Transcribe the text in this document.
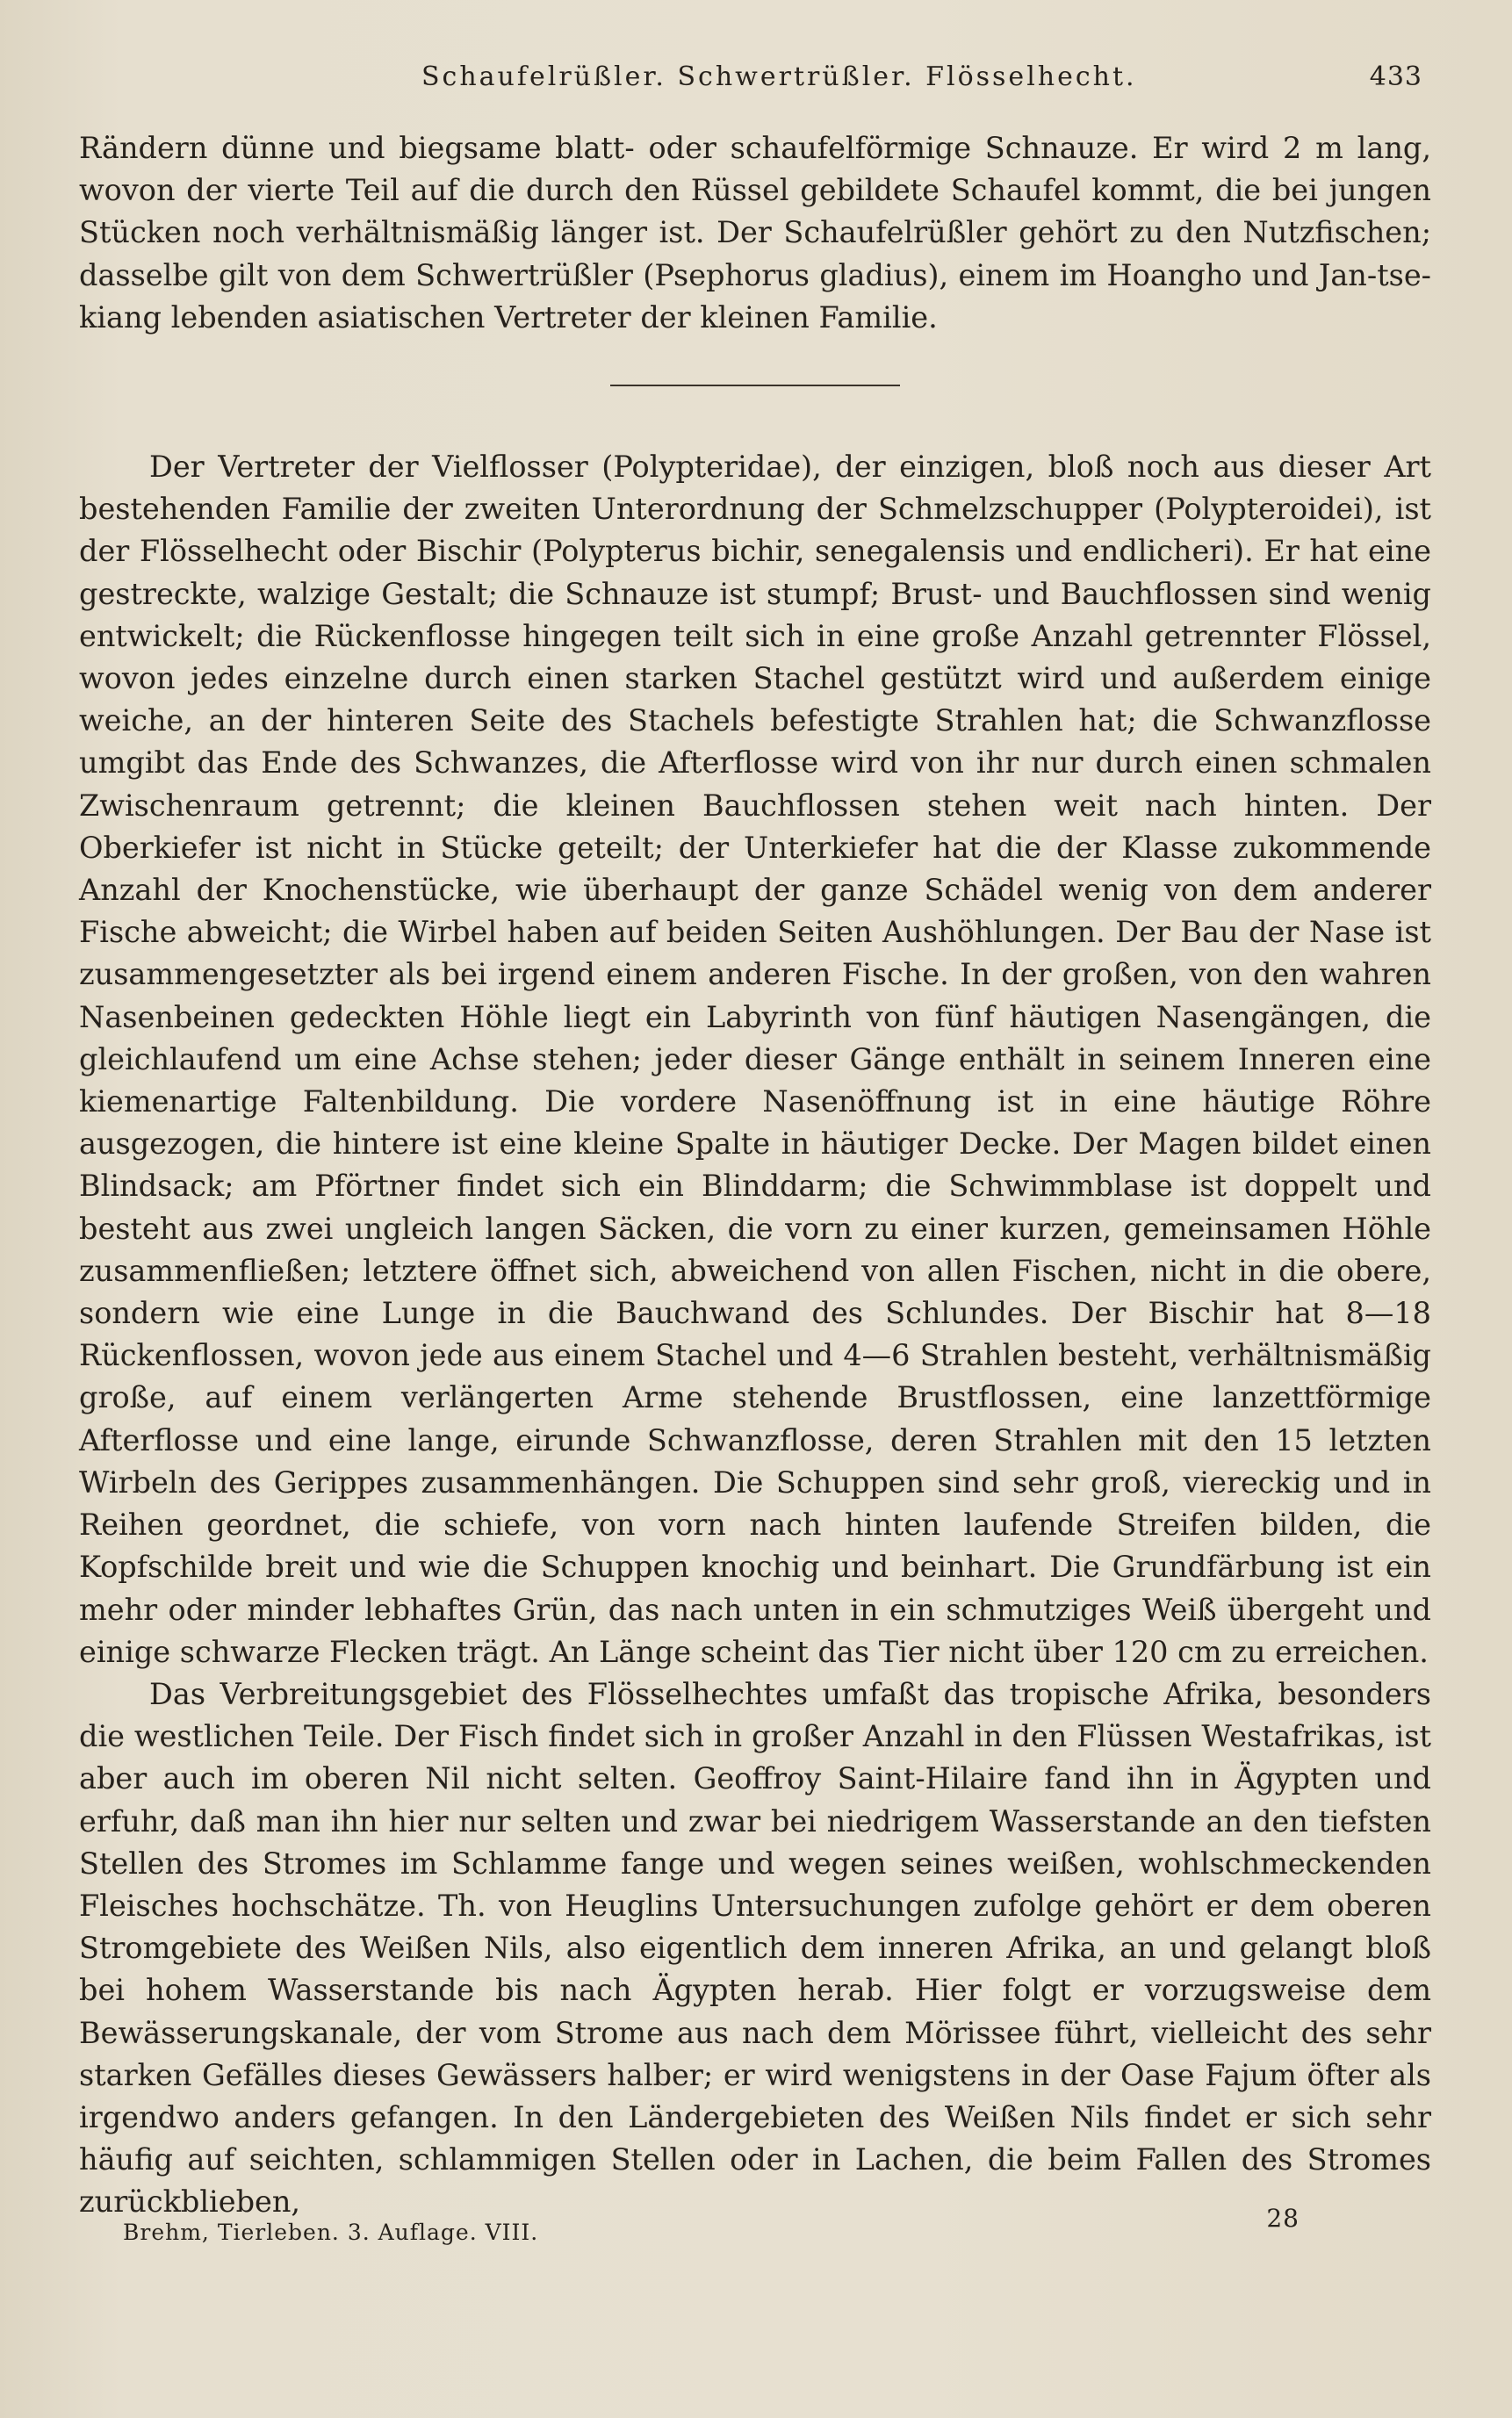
Schaufelrüßler. Schwertrüßler. Flösselhecht.	433

Rändern dünne und biegsame blatt- oder schaufelförmige Schnauze. Er wird 2 m lang, wovon der vierte Teil auf die durch den Rüssel gebildete Schaufel kommt, die bei jungen Stücken noch verhältnismäßig länger ist. Der Schaufelrüßler gehört zu den Nutzfischen; dasselbe gilt von dem Schwertrüßler (Psephorus gladius), einem im Hoangho und Jan-tse-kiang lebenden asiatischen Vertreter der kleinen Familie.

Der Vertreter der Vielflosser (Polypteridae), der einzigen, bloß noch aus dieser Art bestehenden Familie der zweiten Unterordnung der Schmelzschupper (Polypteroidei), ist der Flösselhecht oder Bischir (Polypterus bichir, senegalensis und endlicheri). Er hat eine gestreckte, walzige Gestalt; die Schnauze ist stumpf; Brust- und Bauchflossen sind wenig entwickelt; die Rückenflosse hingegen teilt sich in eine große Anzahl getrennter Flössel, wovon jedes einzelne durch einen starken Stachel gestützt wird und außerdem einige weiche, an der hinteren Seite des Stachels befestigte Strahlen hat; die Schwanzflosse umgibt das Ende des Schwanzes, die Afterflosse wird von ihr nur durch einen schmalen Zwischenraum getrennt; die kleinen Bauchflossen stehen weit nach hinten. Der Oberkiefer ist nicht in Stücke geteilt; der Unterkiefer hat die der Klasse zukommende Anzahl der Knochenstücke, wie überhaupt der ganze Schädel wenig von dem anderer Fische abweicht; die Wirbel haben auf beiden Seiten Aushöhlungen. Der Bau der Nase ist zusammengesetzter als bei irgend einem anderen Fische. In der großen, von den wahren Nasenbeinen gedeckten Höhle liegt ein Labyrinth von fünf häutigen Nasengängen, die gleichlaufend um eine Achse stehen; jeder dieser Gänge enthält in seinem Inneren eine kiemenartige Faltenbildung. Die vordere Nasenöffnung ist in eine häutige Röhre ausgezogen, die hintere ist eine kleine Spalte in häutiger Decke. Der Magen bildet einen Blindsack; am Pförtner findet sich ein Blinddarm; die Schwimmblase ist doppelt und besteht aus zwei ungleich langen Säcken, die vorn zu einer kurzen, gemeinsamen Höhle zusammenfließen; letztere öffnet sich, abweichend von allen Fischen, nicht in die obere, sondern wie eine Lunge in die Bauchwand des Schlundes. Der Bischir hat 8—18 Rückenflossen, wovon jede aus einem Stachel und 4—6 Strahlen besteht, verhältnismäßig große, auf einem verlängerten Arme stehende Brustflossen, eine lanzettförmige Afterflosse und eine lange, eirunde Schwanzflosse, deren Strahlen mit den 15 letzten Wirbeln des Gerippes zusammenhängen. Die Schuppen sind sehr groß, viereckig und in Reihen geordnet, die schiefe, von vorn nach hinten laufende Streifen bilden, die Kopfschilde breit und wie die Schuppen knochig und beinhart. Die Grundfärbung ist ein mehr oder minder lebhaftes Grün, das nach unten in ein schmutziges Weiß übergeht und einige schwarze Flecken trägt. An Länge scheint das Tier nicht über 120 cm zu erreichen.

Das Verbreitungsgebiet des Flösselhechtes umfaßt das tropische Afrika, besonders die westlichen Teile. Der Fisch findet sich in großer Anzahl in den Flüssen Westafrikas, ist aber auch im oberen Nil nicht selten. Geoffroy Saint-Hilaire fand ihn in Ägypten und erfuhr, daß man ihn hier nur selten und zwar bei niedrigem Wasserstande an den tiefsten Stellen des Stromes im Schlamme fange und wegen seines weißen, wohlschmeckenden Fleisches hochschätze. Th. von Heuglins Untersuchungen zufolge gehört er dem oberen Stromgebiete des Weißen Nils, also eigentlich dem inneren Afrika, an und gelangt bloß bei hohem Wasserstande bis nach Ägypten herab. Hier folgt er vorzugsweise dem Bewässerungskanale, der vom Strome aus nach dem Mörissee führt, vielleicht des sehr starken Gefälles dieses Gewässers halber; er wird wenigstens in der Oase Fajum öfter als irgendwo anders gefangen. In den Ländergebieten des Weißen Nils findet er sich sehr häufig auf seichten, schlammigen Stellen oder in Lachen, die beim Fallen des Stromes zurückblieben,

Brehm, Tierleben. 3. Auflage. VIII.	28
